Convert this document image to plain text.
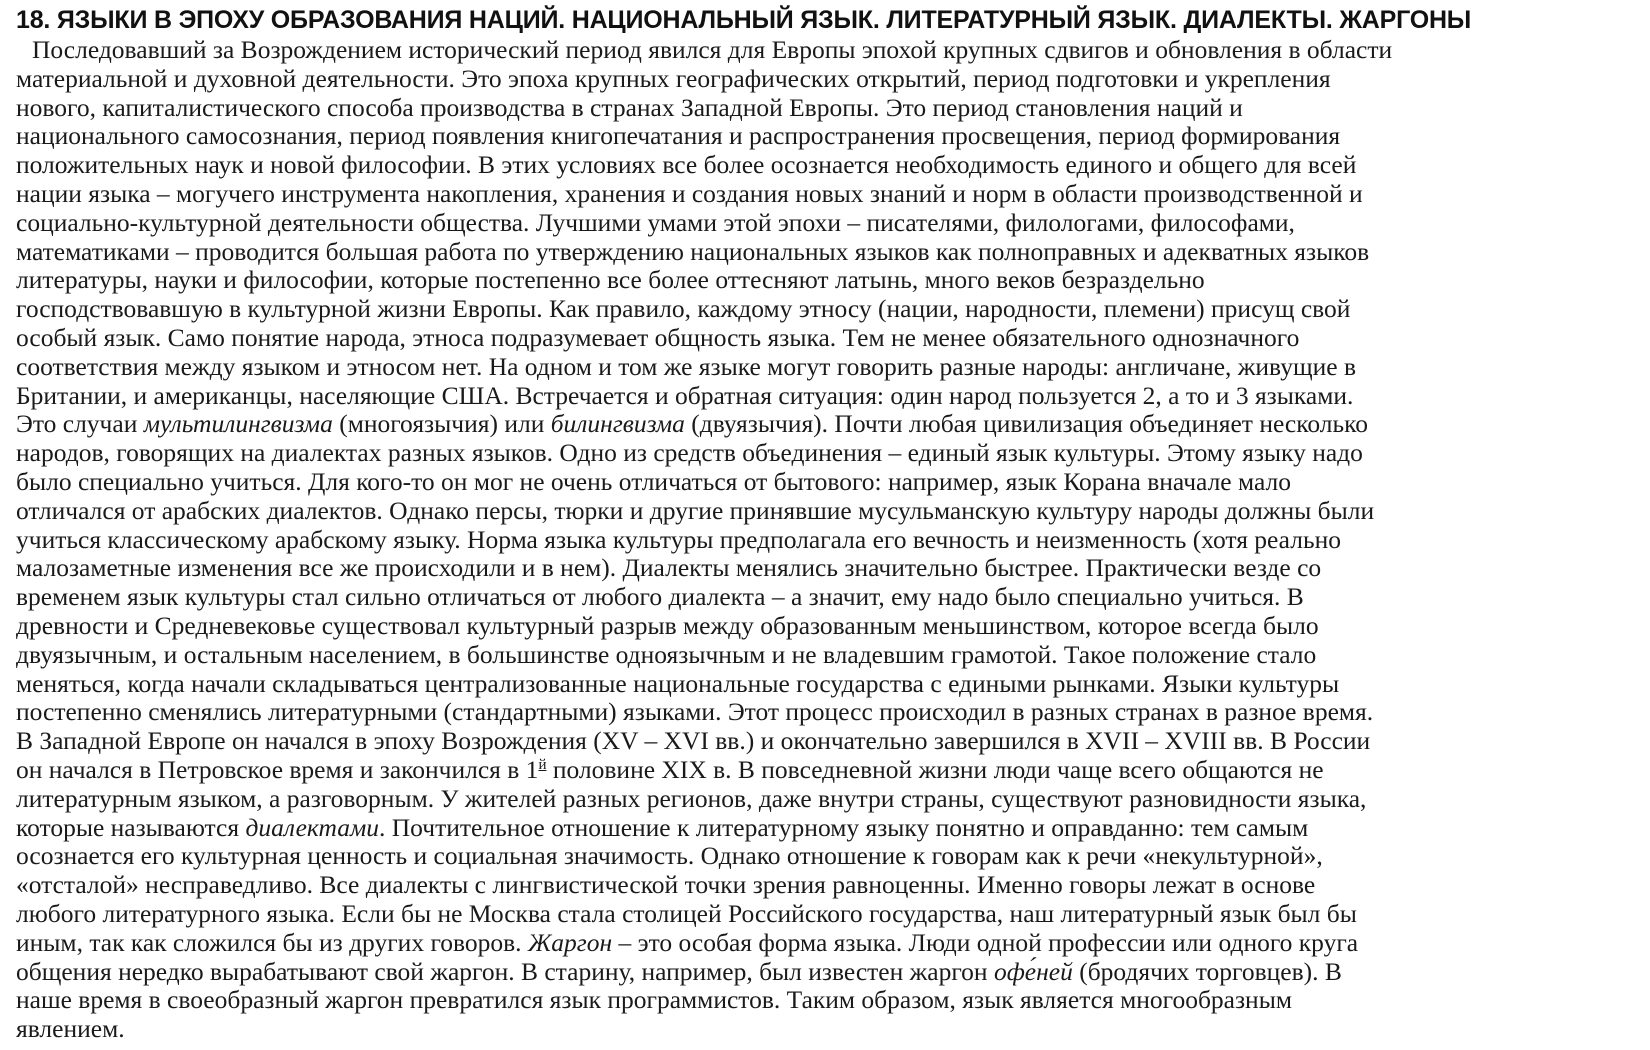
18. ЯЗЫКИ В ЭПОХУ ОБРАЗОВАНИЯ НАЦИЙ. НАЦИОНАЛЬНЫЙ ЯЗЫК. ЛИТЕРАТУРНЫЙ ЯЗЫК. ДИАЛЕКТЫ. ЖАРГОНЫ
Последовавший за Возрождением исторический период явился для Европы эпохой крупных сдвигов и обновления в области
материальной и духовной деятельности. Это эпоха крупных географических открытий, период подготовки и укрепления
нового, капиталистического способа производства в странах Западной Европы. Это период становления наций и
национального самосознания, период появления книгопечатания и распространения просвещения, период формирования
положительных наук и новой философии. В этих условиях все более осознается необходимость единого и общего для всей
нации языка – могучего инструмента накопления, хранения и создания новых знаний и норм в области производственной и
социально-культурной деятельности общества. Лучшими умами этой эпохи – писателями, филологами, философами,
математиками – проводится большая работа по утверждению национальных языков как полноправных и адекватных языков
литературы, науки и философии, которые постепенно все более оттесняют латынь, много веков безраздельно
господствовавшую в культурной жизни Европы. Как правило, каждому этносу (нации, народности, племени) присущ свой
особый язык. Само понятие народа, этноса подразумевает общность языка. Тем не менее обязательного однозначного
соответствия между языком и этносом нет. На одном и том же языке могут говорить разные народы: англичане, живущие в
Британии, и американцы, населяющие США. Встречается и обратная ситуация: один народ пользуется 2, а то и 3 языками.
Это случаи мультилингвизма (многоязычия) или билингвизма (двуязычия). Почти любая цивилизация объединяет несколько
народов, говорящих на диалектах разных языков. Одно из средств объединения – единый язык культуры. Этому языку надо
было специально учиться. Для кого-то он мог не очень отличаться от бытового: например, язык Корана вначале мало
отличался от арабских диалектов. Однако персы, тюрки и другие принявшие мусульманскую культуру народы должны были
учиться классическому арабскому языку. Норма языка культуры предполагала его вечность и неизменность (хотя реально
малозаметные изменения все же происходили и в нем). Диалекты менялись значительно быстрее. Практически везде со
временем язык культуры стал сильно отличаться от любого диалекта – а значит, ему надо было специально учиться. В
древности и Средневековье существовал культурный разрыв между образованным меньшинством, которое всегда было
двуязычным, и остальным населением, в большинстве одноязычным и не владевшим грамотой. Такое положение стало
меняться, когда начали складываться централизованные национальные государства с едиными рынками. Языки культуры
постепенно сменялись литературными (стандартными) языками. Этот процесс происходил в разных странах в разное время.
В Западной Европе он начался в эпоху Возрождения (XV – XVI вв.) и окончательно завершился в XVII – XVIII вв. В России
он начался в Петровское время и закончился в $1^й$ половине XIX в. В повседневной жизни люди чаще всего общаются не
литературным языком, а разговорным. У жителей разных регионов, даже внутри страны, существуют разновидности языка,
которые называются диалектами. Почтительное отношение к литературному языку понятно и оправданно: тем самым
осознается его культурная ценность и социальная значимость. Однако отношение к говорам как к речи «некультурной»,
«отсталой» несправедливо. Все диалекты с лингвистической точки зрения равноценны. Именно говоры лежат в основе
любого литературного языка. Если бы не Москва стала столицей Российского государства, наш литературный язык был бы
иным, так как сложился бы из других говоров. Жаргон – это особая форма языка. Люди одной профессии или одного круга
общения нередко вырабатывают свой жаргон. В старину, например, был известен жаргон офе́ней (бродячих торговцев). В
наше время в своеобразный жаргон превратился язык программистов. Таким образом, язык является многообразным
явлением.
